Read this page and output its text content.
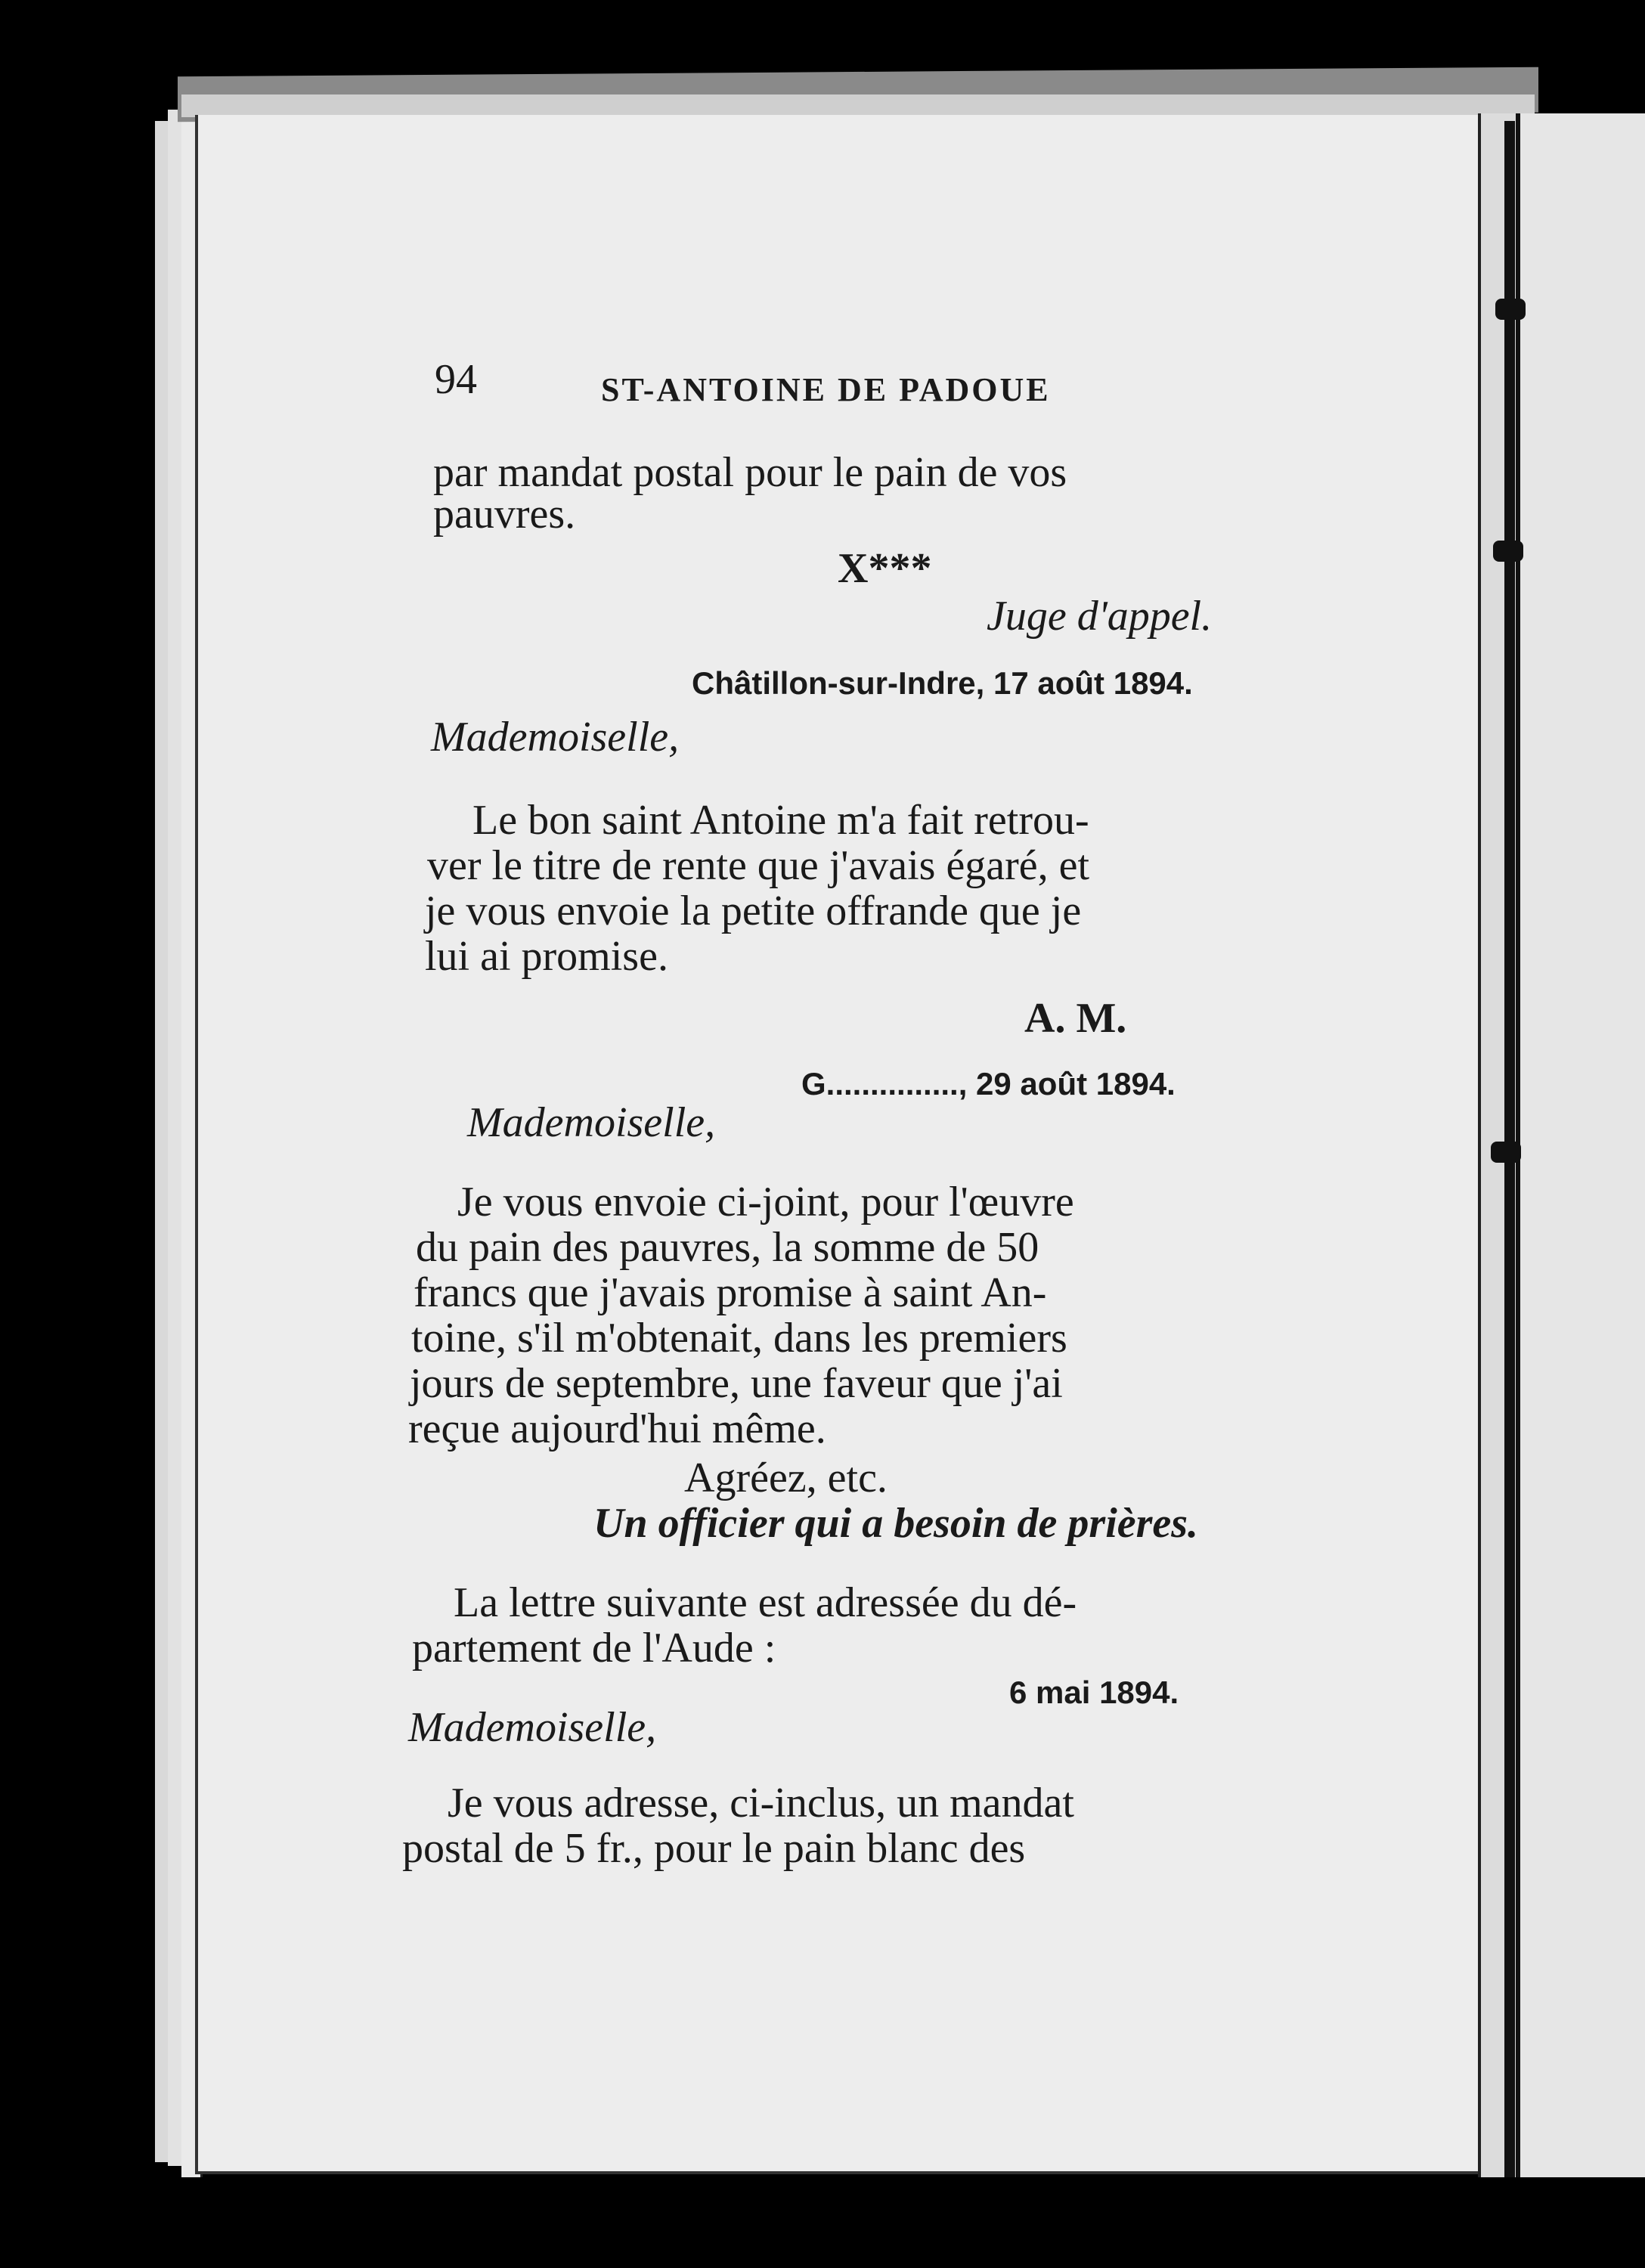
94	ST-ANTOINE DE PADOUE
par mandat postal pour le pain de vos
pauvres.
X***
Juge d'appel.
Châtillon-sur-Indre, 17 août 1894.
Mademoiselle,
Le bon saint Antoine m'a fait retrou-
ver le titre de rente que j'avais égaré, et
je vous envoie la petite offrande que je
lui ai promise.
A. M.
G..............., 29 août 1894.
Mademoiselle,
Je vous envoie ci-joint, pour l'œuvre
du pain des pauvres, la somme de 50
francs que j'avais promise à saint An-
toine, s'il m'obtenait, dans les premiers
jours de septembre, une faveur que j'ai
reçue aujourd'hui même.
Agréez, etc.
Un officier qui a besoin de prières.
La lettre suivante est adressée du dé-
partement de l'Aude :
6 mai 1894.
Mademoiselle,
Je vous adresse, ci-inclus, un mandat
postal de 5 fr., pour le pain blanc des
